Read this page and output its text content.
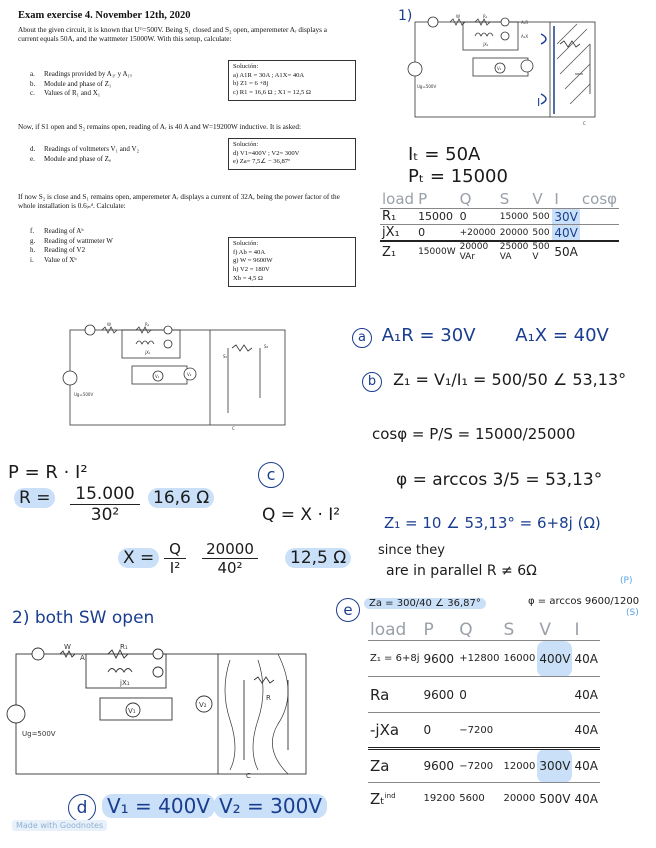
Exam exercise 4. November 12th, 2020
About the given circuit, it is known that Uᴳ=500V. Being S₁ closed and S₂ open, amperemeter Aᵣ displays a current equals 50A, and the wattmeter 15000W. With this setup, calculate:
a. Readings provided by A₁ᵣ y A₁ₓ
b. Module and phase of Z₁
c. Values of R₁ and X₁
Solución:
a) A1R = 30A ; A1X= 40A
b) Z1 = 6 +8j
c) R1 = 16,6 Ω ; X1 = 12,5 Ω
Now, if S1 open and S₂ remains open, reading of Aᵣ is 40 A and W=19200W inductive. It is asked:
d. Readings of voltmeters V₁ and V₂
e. Module and phase of Zₐ
Solución:
d) V1=400V ; V2= 300V
e) Za= 7,5∠ − 36,87º
If now S₂ is close and S₁ remains open, amperemeter Aᵣ displays a current of 32A, being the power factor of the whole installation is 0.6ᵢₙᵈ. Calculate:
f. Reading of Aᵇ
g. Reading of wattmeter W
h. Reading of V2
i. Value of Xᵇ
Solución:
f) Ab = 40A
g) W = 9600W
h) V2 = 180V
Xb = 4,5 Ω
1)
Ug=500V
W	R₁
jX₁
A₁R
A₁X
V₁
C
I
Iₜ = 50A
Pₜ = 15000
load	P	Q	S	V	I	cosφ
R₁	15000	0	15000	500	30V	
jX₁	0	+20000	20000	500	40V	
Z₁	15000W	20000 VAr	25000 VA	500 V	50A	
Ug=500V
W	R₁
jX₁
V₁	V₂
S₁
S₂
C
a A₁R = 30V A₁X = 40V
b Z₁ = V₁/I₁ = 500/50 ∠ 53,13°
cosφ = P/S = 15000/25000
φ = arccos 3/5 = 53,13°
P = R · I²	c
R =	15.000
30²
16,6 Ω
Q = X · I²
X = Q
I²
20000
40²	12,5 Ω
Z₁ = 10 ∠ 53,13° = 6+8j (Ω)
since they
are in parallel R ≠ 6Ω
e	Za = 300/40 ∠ 36,87°	φ = arccos 9600/1200
(P)
(S)
2) both SW open
Ug=500V
W	R₁
jX₁
V₁
V₂
A
R
C
d V₁ = 400V V₂ = 300V
Made with Goodnotes
load	P	Q	S	V	I
Z₁ = 6+8j	9600	+12800	16000	400V	40A
Ra	9600	0			40A
-jXa	0	−7200			40A
Za	9600	−7200	12000	300V	40A
Zₜ$^{ind}$	19200	5600	20000	500V	40A
